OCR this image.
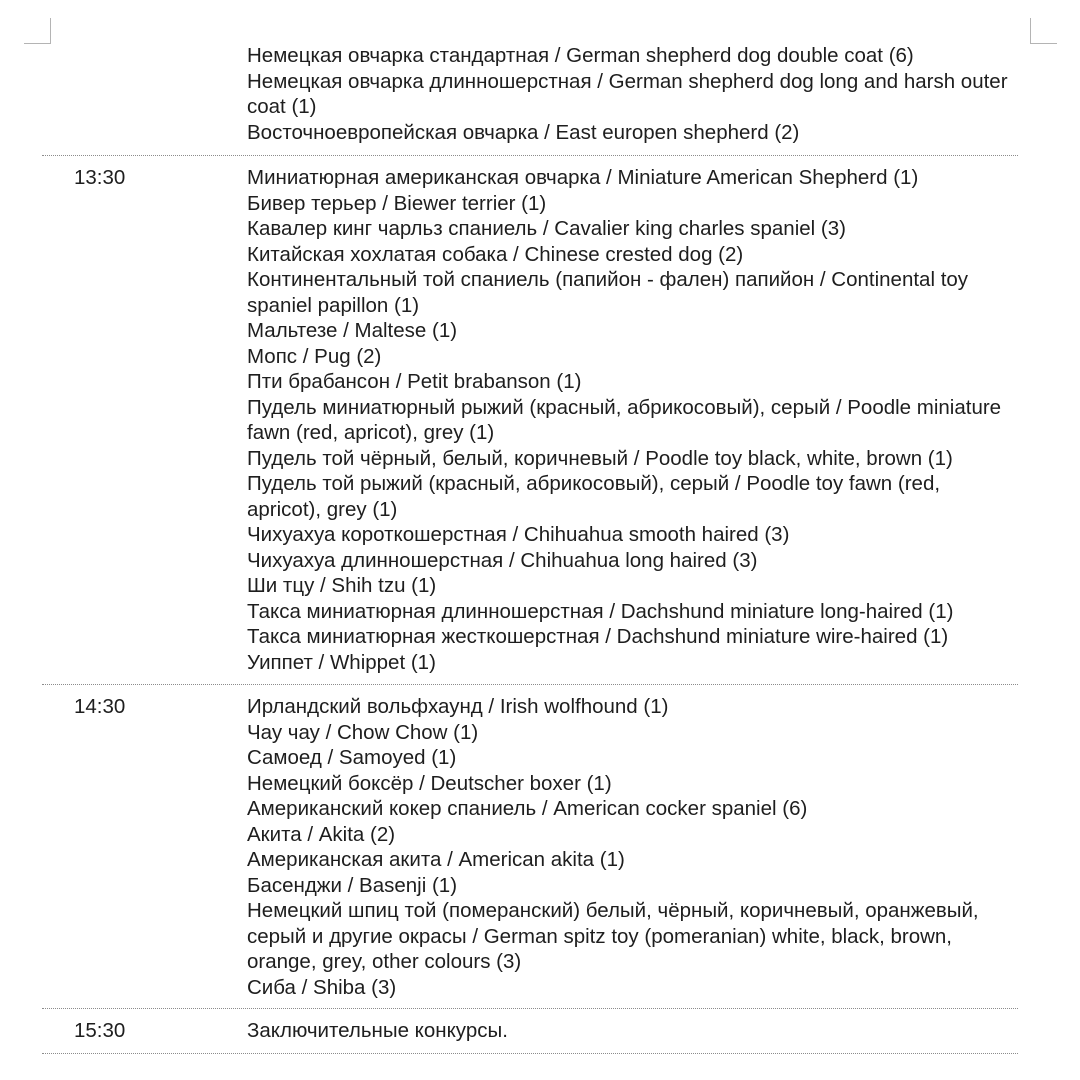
Немецкая овчарка стандартная / German shepherd dog double coat (6)
Немецкая овчарка длинношерстная / German shepherd dog long and harsh outer coat (1)
Восточноевропейская овчарка / East europen shepherd (2)
13:30	Миниатюрная американская овчарка / Miniature American Shepherd (1)
Бивер терьер / Biewer terrier (1)
Кавалер кинг чарльз спаниель / Cavalier king charles spaniel (3)
Китайская хохлатая собака / Chinese crested dog (2)
Континентальный той спаниель (папийон - фален) папийон / Continental toy spaniel papillon (1)
Мальтезе / Maltese (1)
Мопс / Pug (2)
Пти брабансон / Petit brabanson (1)
Пудель миниатюрный рыжий (красный, абрикосовый), серый / Poodle miniature fawn (red, apricot), grey (1)
Пудель той чёрный, белый, коричневый / Poodle toy black, white, brown (1)
Пудель той рыжий (красный, абрикосовый), серый / Poodle toy fawn (red, apricot), grey (1)
Чихуахуа короткошерстная / Chihuahua smooth haired (3)
Чихуахуа длинношерстная / Chihuahua long haired (3)
Ши тцу / Shih tzu (1)
Такса миниатюрная длинношерстная / Dachshund miniature long-haired (1)
Такса миниатюрная жесткошерстная / Dachshund miniature wire-haired (1)
Уиппет / Whippet (1)
14:30	Ирландский вольфхаунд / Irish wolfhound (1)
Чау чау / Chow Chow (1)
Самоед / Samoyed (1)
Немецкий боксёр / Deutscher boxer (1)
Американский кокер спаниель / American cocker spaniel (6)
Акита / Akita (2)
Американская акита / American akita (1)
Басенджи / Basenji (1)
Немецкий шпиц той (померанский) белый, чёрный, коричневый, оранжевый, серый и другие окрасы / German spitz toy (pomeranian) white, black, brown, orange, grey, other colours (3)
Сиба / Shiba (3)
15:30	Заключительные конкурсы.
